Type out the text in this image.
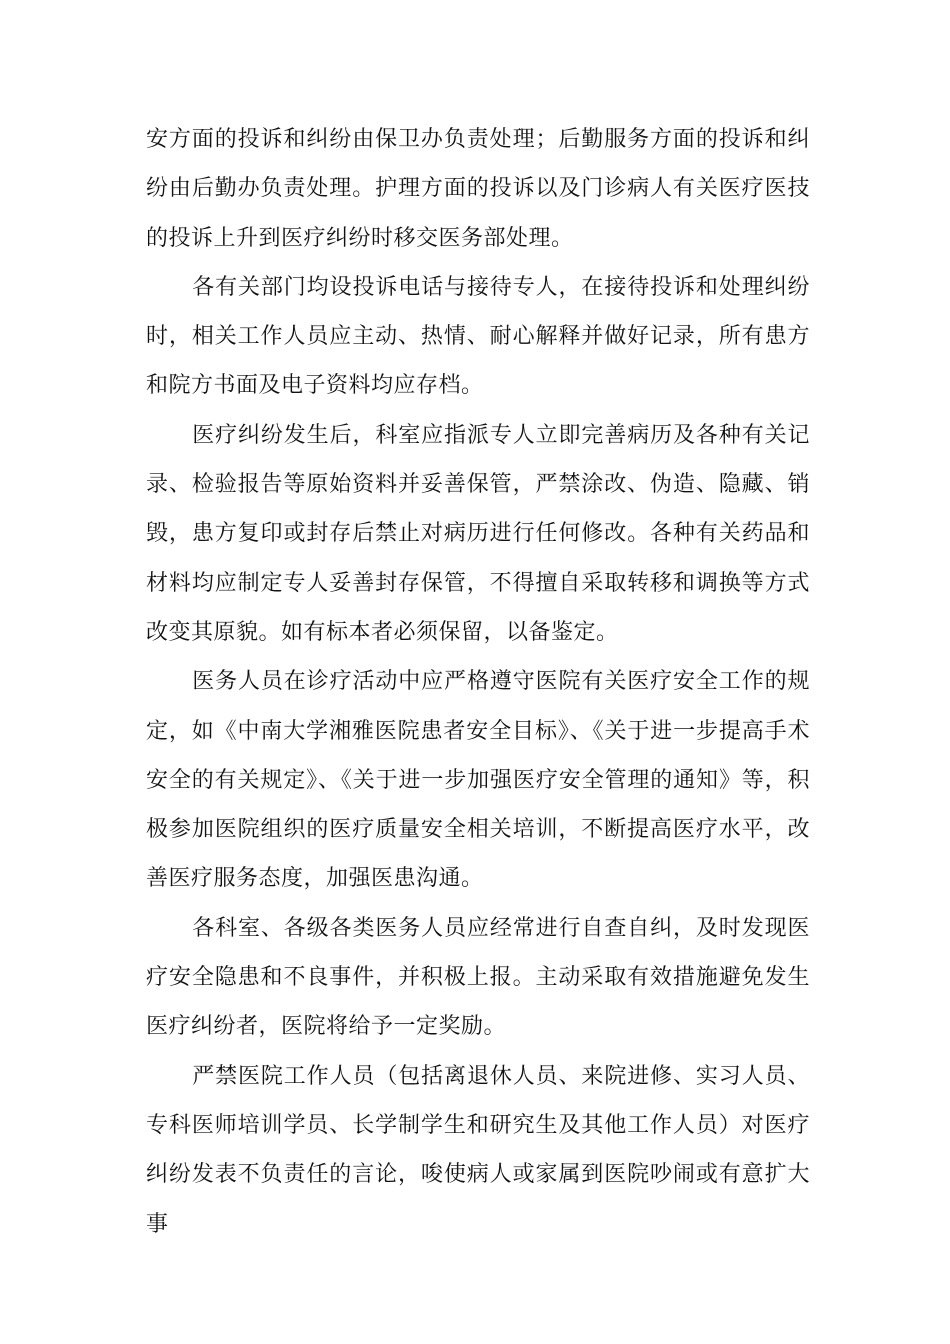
安方面的投诉和纠纷由保卫办负责处理；后勤服务方面的投诉和纠纷由后勤办负责处理。护理方面的投诉以及门诊病人有关医疗医技的投诉上升到医疗纠纷时移交医务部处理。

各有关部门均设投诉电话与接待专人，在接待投诉和处理纠纷时，相关工作人员应主动、热情、耐心解释并做好记录，所有患方和院方书面及电子资料均应存档。

医疗纠纷发生后，科室应指派专人立即完善病历及各种有关记录、检验报告等原始资料并妥善保管，严禁涂改、伪造、隐藏、销毁，患方复印或封存后禁止对病历进行任何修改。各种有关药品和材料均应制定专人妥善封存保管，不得擅自采取转移和调换等方式改变其原貌。如有标本者必须保留，以备鉴定。

医务人员在诊疗活动中应严格遵守医院有关医疗安全工作的规定，如《中南大学湘雅医院患者安全目标》、《关于进一步提高手术安全的有关规定》、《关于进一步加强医疗安全管理的通知》等，积极参加医院组织的医疗质量安全相关培训，不断提高医疗水平，改善医疗服务态度，加强医患沟通。

各科室、各级各类医务人员应经常进行自查自纠，及时发现医疗安全隐患和不良事件，并积极上报。主动采取有效措施避免发生医疗纠纷者，医院将给予一定奖励。

严禁医院工作人员（包括离退休人员、来院进修、实习人员、专科医师培训学员、长学制学生和研究生及其他工作人员）对医疗纠纷发表不负责任的言论，唆使病人或家属到医院吵闹或有意扩大事
